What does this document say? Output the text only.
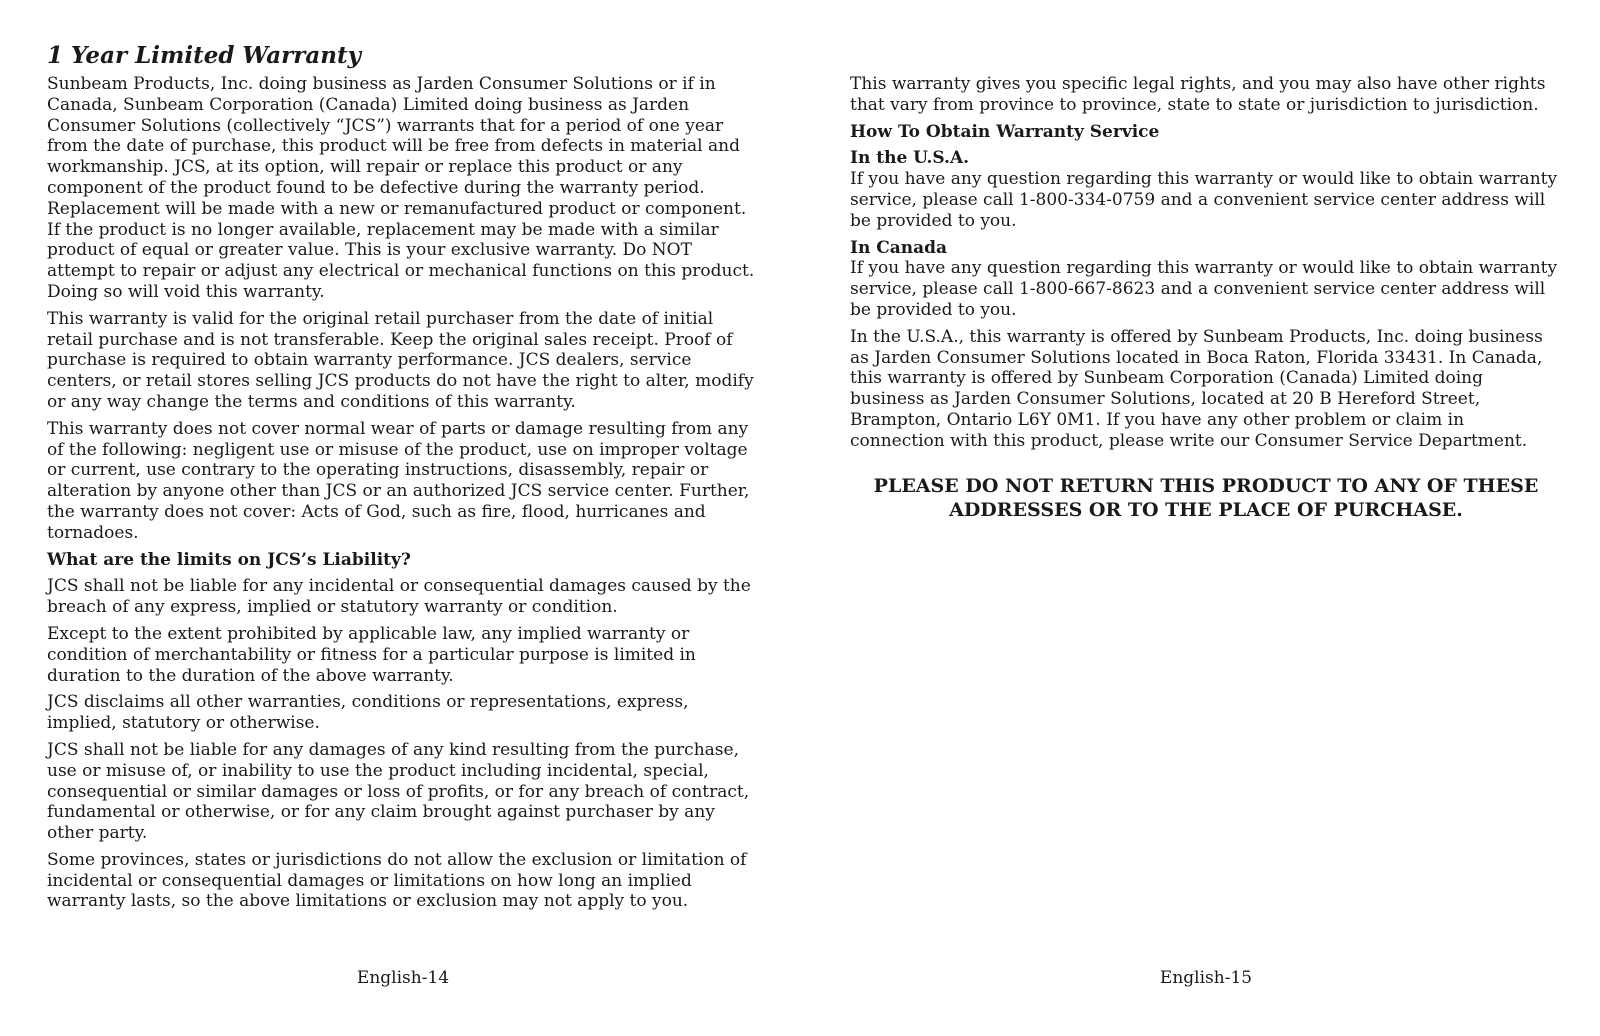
1 Year Limited Warranty

Sunbeam Products, Inc. doing business as Jarden Consumer Solutions or if in Canada, Sunbeam Corporation (Canada) Limited doing business as Jarden Consumer Solutions (collectively “JCS”) warrants that for a period of one year from the date of purchase, this product will be free from defects in material and workmanship. JCS, at its option, will repair or replace this product or any component of the product found to be defective during the warranty period. Replacement will be made with a new or remanufactured product or component. If the product is no longer available, replacement may be made with a similar product of equal or greater value. This is your exclusive warranty. Do NOT attempt to repair or adjust any electrical or mechanical functions on this product. Doing so will void this warranty.

This warranty is valid for the original retail purchaser from the date of initial retail purchase and is not transferable. Keep the original sales receipt. Proof of purchase is required to obtain warranty performance. JCS dealers, service centers, or retail stores selling JCS products do not have the right to alter, modify or any way change the terms and conditions of this warranty.

This warranty does not cover normal wear of parts or damage resulting from any of the following: negligent use or misuse of the product, use on improper voltage or current, use contrary to the operating instructions, disassembly, repair or alteration by anyone other than JCS or an authorized JCS service center. Further, the warranty does not cover: Acts of God, such as fire, flood, hurricanes and tornadoes.

What are the limits on JCS’s Liability?

JCS shall not be liable for any incidental or consequential damages caused by the breach of any express, implied or statutory warranty or condition.

Except to the extent prohibited by applicable law, any implied warranty or condition of merchantability or fitness for a particular purpose is limited in duration to the duration of the above warranty.

JCS disclaims all other warranties, conditions or representations, express, implied, statutory or otherwise.

JCS shall not be liable for any damages of any kind resulting from the purchase, use or misuse of, or inability to use the product including incidental, special, consequential or similar damages or loss of profits, or for any breach of contract, fundamental or otherwise, or for any claim brought against purchaser by any other party.

Some provinces, states or jurisdictions do not allow the exclusion or limitation of incidental or consequential damages or limitations on how long an implied warranty lasts, so the above limitations or exclusion may not apply to you.

English-14

This warranty gives you specific legal rights, and you may also have other rights that vary from province to province, state to state or jurisdiction to jurisdiction.

How To Obtain Warranty Service
In the U.S.A.

If you have any question regarding this warranty or would like to obtain warranty service, please call 1-800-334-0759 and a convenient service center address will be provided to you.

In Canada

If you have any question regarding this warranty or would like to obtain warranty service, please call 1-800-667-8623 and a convenient service center address will be provided to you.

In the U.S.A., this warranty is offered by Sunbeam Products, Inc. doing business as Jarden Consumer Solutions located in Boca Raton, Florida 33431. In Canada, this warranty is offered by Sunbeam Corporation (Canada) Limited doing business as Jarden Consumer Solutions, located at 20 B Hereford Street, Brampton, Ontario L6Y 0M1. If you have any other problem or claim in connection with this product, please write our Consumer Service Department.

PLEASE DO NOT RETURN THIS PRODUCT TO ANY OF THESE ADDRESSES OR TO THE PLACE OF PURCHASE.
English-15
